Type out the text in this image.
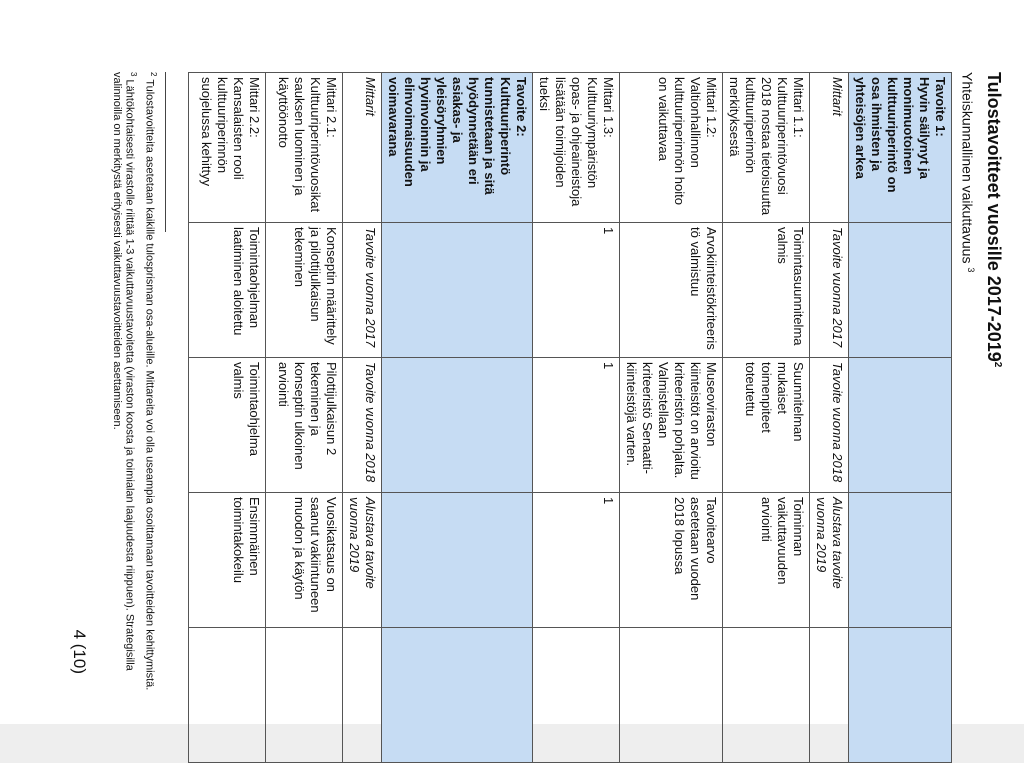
4 (10)
Tulostavoitteet vuosille 2017-2019$^2$
Yhteiskunnallinen vaikuttavuus $^3$
Tavoite 1:
Hyvin säilynyt ja monimuotoinen kulttuuriperintö on osa ihmisten ja yhteisöjen arkea				
Mittarit	Tavoite vuonna 2017	Tavoite vuonna 2018	Alustava tavoite vuonna 2019	
Mittari 1.1:
Kulttuuriperintövuosi 2018 nostaa tietoisuutta kulttuuriperinnön merkityksestä	Toimintasuunnitelma valmis	Suunnitelman mukaiset toimenpiteet toteutettu	Toiminnan vaikuttavuuden arviointi	
Mittari 1.2:
Valtionhallinnon kulttuuriperinnön hoito on vaikuttavaa	Arvokiinteistökriteeristö valmistuu	Museoviraston kiinteistöt on arvioitu kriteeristön pohjalta. Valmistellaan kriteeristö Senaatti-kiinteistöjä varten.	Tavoitearvo asetetaan vuoden 2018 lopussa	
Mittari 1.3:
Kulttuuriympäristön opas- ja ohjeaineistoja lisätään toimijoiden tueksi	1	1	1	
Tavoite 2:
Kulttuuriperintö tunnistetaan ja sitä hyödynnetään eri asiakas- ja yleisöryhmien hyvinvoinnin ja elinvoimaisuuden voimavarana				
Mittarit	Tavoite vuonna 2017	Tavoite vuonna 2018	Alustava tavoite vuonna 2019	
Mittari 2.1:
Kulttuuriperintövuosikatsauksen luominen ja käyttöönotto	Konseptin määrittely ja pilottijulkaisun tekeminen	Pilottijulkaisun 2 tekeminen ja konseptin ulkoinen arviointi	Vuosikatsaus on saanut vakiintuneen muodon ja käytön	
Mittari 2.2:
Kansalaisten rooli kulttuuriperinnön suojelussa kehittyy	Toimintaohjelman laatiminen aloitettu	Toimintaohjelma valmis	Ensimmäinen toimintakokeilu	

$^2$ Tulostavoitteita asetetaan kaikille tulosprisman osa-alueille. Mittareita voi olla useampia osoittamaan tavoitteiden kehittymistä.

$^3$ Lähtökohtaisesti virastolle riittää 1-3 vaikuttavuustavoitetta (viraston koosta ja toimialan laajuudesta riippuen). Strategisilla valinnoilla on merkitystä erityisesti vaikuttavuustavoitteiden asettamiseen.
